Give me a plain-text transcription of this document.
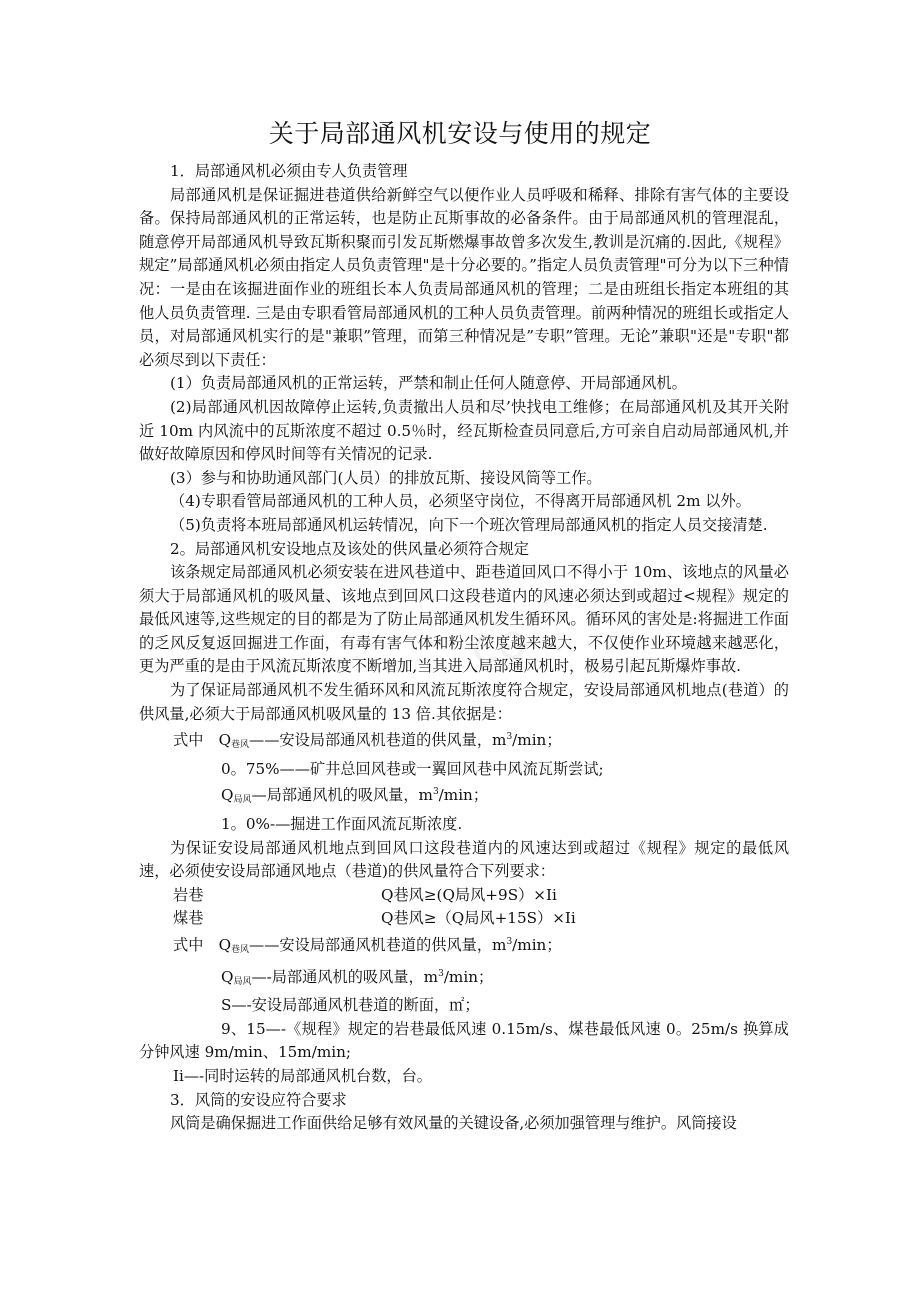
关于局部通风机安设与使用的规定

1．局部通风机必须由专人负责管理

局部通风机是保证掘进巷道供给新鲜空气以便作业人员呼吸和稀释、排除有害气体的主要设备。保持局部通风机的正常运转，也是防止瓦斯事故的必备条件。由于局部通风机的管理混乱，随意停开局部通风机导致瓦斯积聚而引发瓦斯燃爆事故曾多次发生,教训是沉痛的.因此,《规程》规定”局部通风机必须由指定人员负责管理"是十分必要的。”指定人员负责管理"可分为以下三种情况：一是由在该掘进面作业的班组长本人负责局部通风机的管理；二是由班组长指定本班组的其他人员负责管理. 三是由专职看管局部通风机的工种人员负责管理。前两种情况的班组长或指定人员，对局部通风机实行的是"兼职”管理，而第三种情况是”专职”管理。无论”兼职"还是"专职"都必须尽到以下责任：

(1）负责局部通风机的正常运转，严禁和制止任何人随意停、开局部通风机。

(2)局部通风机因故障停止运转,负责撤出人员和尽’快找电工维修；在局部通风机及其开关附近 10m 内风流中的瓦斯浓度不超过 0.5％时，经瓦斯检查员同意后,方可亲自启动局部通风机,并做好故障原因和停风时间等有关情况的记录.

(3）参与和协助通风部门(人员）的排放瓦斯、接设风筒等工作。

（4)专职看管局部通风机的工种人员，必须坚守岗位，不得离开局部通风机 2m 以外。

（5)负责将本班局部通风机运转情况，向下一个班次管理局部通风机的指定人员交接清楚.

2。局部通风机安设地点及该处的供风量必须符合规定

该条规定局部通风机必须安装在进风巷道中、距巷道回风口不得小于 10m、该地点的风量必须大于局部通风机的吸风量、该地点到回风口这段巷道内的风速必须达到或超过<规程》规定的最低风速等,这些规定的目的都是为了防止局部通风机发生循环风。循环风的害处是:将掘进工作面的乏风反复返回掘进工作面，有毒有害气体和粉尘浓度越来越大，不仅使作业环境越来越恶化，更为严重的是由于风流瓦斯浓度不断增加,当其进入局部通风机时，极易引起瓦斯爆炸事故.

为了保证局部通风机不发生循环风和风流瓦斯浓度符合规定，安设局部通风机地点(巷道）的供风量,必须大于局部通风机吸风量的 13 倍.其依据是：

式中　$Q_{巷风}——$安设局部通风机巷道的供风量，$m^3/\min$；
0。75%——矿井总回风巷或一翼回风巷中风流瓦斯尝试;
$Q_{局风}—$局部通风机的吸风量，$m^3/\min$；
1。0%-—掘进工作面风流瓦斯浓度.

为保证安设局部通风机地点到回风口这段巷道内的风速达到或超过《规程》规定的最低风速，必须使安设局部通风地点（巷道)的供风量符合下列要求：

岩巷	Q巷风≥(Q局风+9S）×Iⅰ
煤巷	Q巷风≥（Q局风+15S）×Iⅰ
式中　$Q_{巷风}——$安设局部通风机巷道的供风量，$m^3/\min$；
$Q_{局风}—-$局部通风机的吸风量，$m^3/\min$；
S—-安设局部通风机巷道的断面，㎡；

9、15—-《规程》规定的岩巷最低风速 0.15m/s、煤巷最低风速 0。25m/s 换算成分钟风速 9m/min、15m/min;

Iⅰ—-同时运转的局部通风机台数，台。

3．风筒的安设应符合要求

风筒是确保掘进工作面供给足够有效风量的关键设备,必须加强管理与维护。风筒接设

co
